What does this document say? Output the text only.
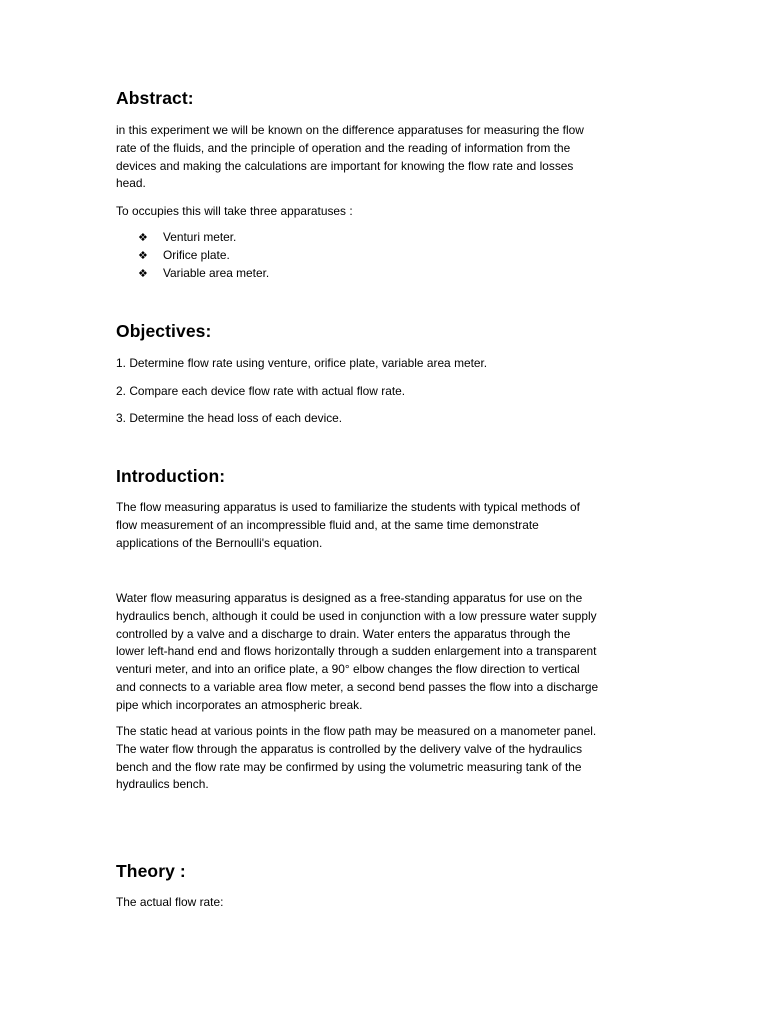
Abstract:

in this experiment we will be known on the difference apparatuses for measuring the flow
rate of the fluids, and the principle of operation and the reading of information from the
devices and making the calculations are important for knowing the flow rate and losses
head.

To occupies this will take three apparatuses :

❖ Venturi meter.
❖ Orifice plate.
❖ Variable area meter.
Objectives:

1. Determine flow rate using venture, orifice plate, variable area meter.

2. Compare each device flow rate with actual flow rate.

3. Determine the head loss of each device.

Introduction:

The flow measuring apparatus is used to familiarize the students with typical methods of
flow measurement of an incompressible fluid and, at the same time demonstrate
applications of the Bernoulli's equation.

Water flow measuring apparatus is designed as a free-standing apparatus for use on the
hydraulics bench, although it could be used in conjunction with a low pressure water supply
controlled by a valve and a discharge to drain. Water enters the apparatus through the
lower left-hand end and flows horizontally through a sudden enlargement into a transparent
venturi meter, and into an orifice plate, a 90° elbow changes the flow direction to vertical
and connects to a variable area flow meter, a second bend passes the flow into a discharge
pipe which incorporates an atmospheric break.

The static head at various points in the flow path may be measured on a manometer panel.
The water flow through the apparatus is controlled by the delivery valve of the hydraulics
bench and the flow rate may be confirmed by using the volumetric measuring tank of the
hydraulics bench.

Theory :

The actual flow rate:
